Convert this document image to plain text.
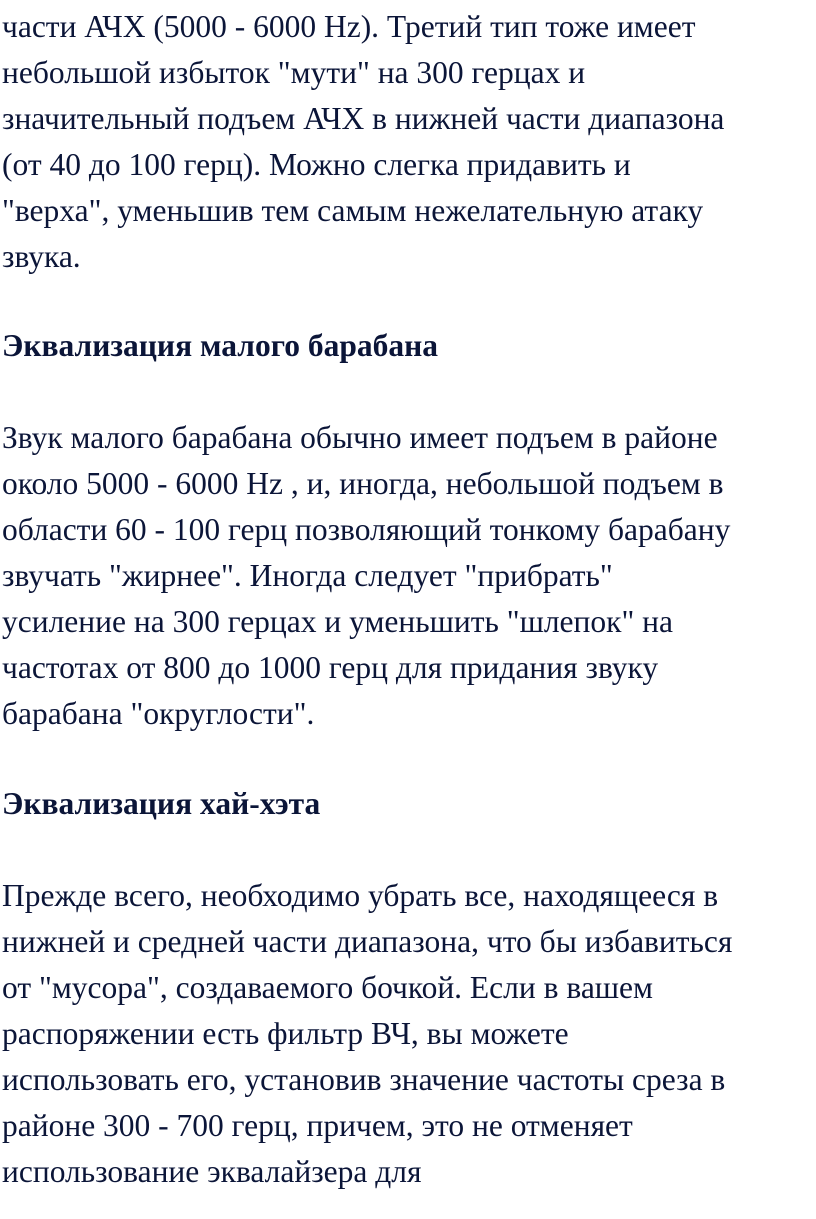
части АЧХ (5000 - 6000 Hz). Третий тип тоже имеет
небольшой избыток "мути" на 300 герцах и
значительный подъем АЧХ в нижней части диапазона
(от 40 до 100 герц). Можно слегка придавить и
"верха", уменьшив тем самым нежелательную атаку
звука.
Эквализация малого барабана
Звук малого барабана обычно имеет подъем в районе
около 5000 - 6000 Hz , и, иногда, небольшой подъем в
области 60 - 100 герц позволяющий тонкому барабану
звучать "жирнее". Иногда следует "прибрать"
усиление на 300 герцах и уменьшить "шлепок" на
частотах от 800 до 1000 герц для придания звуку
барабана "округлости".
Эквализация хай-хэта
Прежде всего, необходимо убрать все, находящееся в
нижней и средней части диапазона, что бы избавиться
от "мусора", создаваемого бочкой. Если в вашем
распоряжении есть фильтр ВЧ, вы можете
использовать его, установив значение частоты среза в
районе 300 - 700 герц, причем, это не отменяет
использование эквалайзера для
